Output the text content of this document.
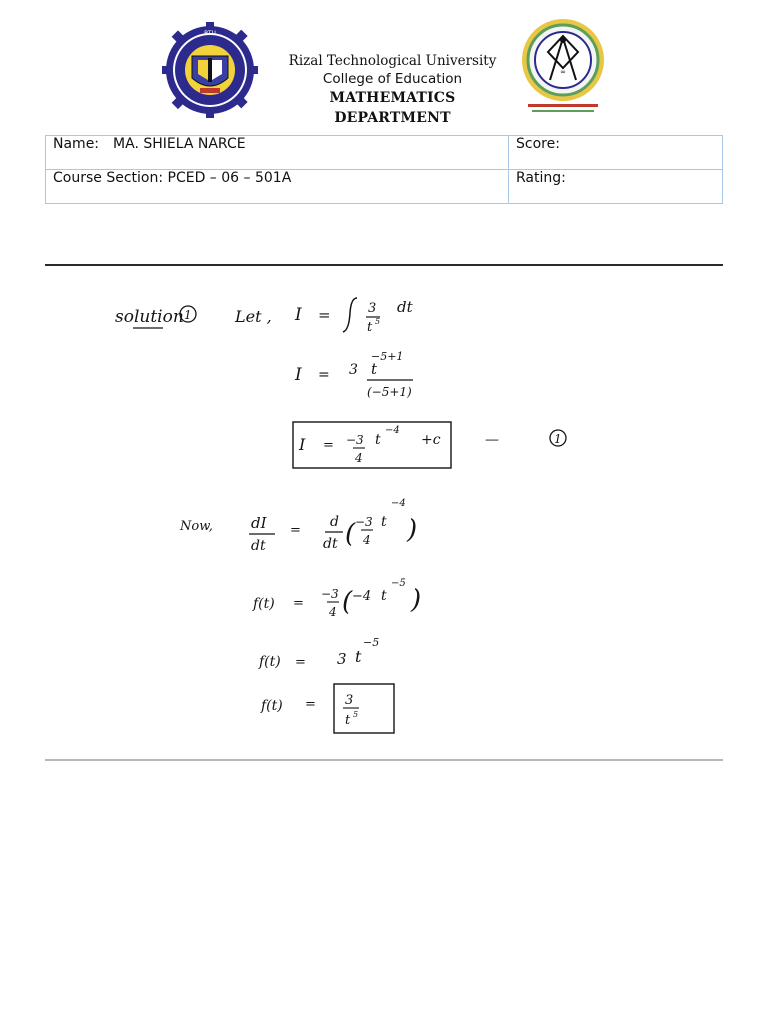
RTU
Rizal Technological University
College of Education
MATHEMATICS DEPARTMENT
∞
Name: MA. SHIELA NARCE	Score:
Course Section: PCED – 06 – 501A	Rating:
solution 1	Let , I =	3
t 5
dt
I = 3 t
−5+1
(−5+1)
I = −3
4
t
−4
+c	—	1
Now,	dI
dt
=
d
dt ( −3
4
t
−4
)
f(t) =
−3
4 ( −4 t
−5
)
f(t) = 3 t
−5
f(t) = 3
t 5
